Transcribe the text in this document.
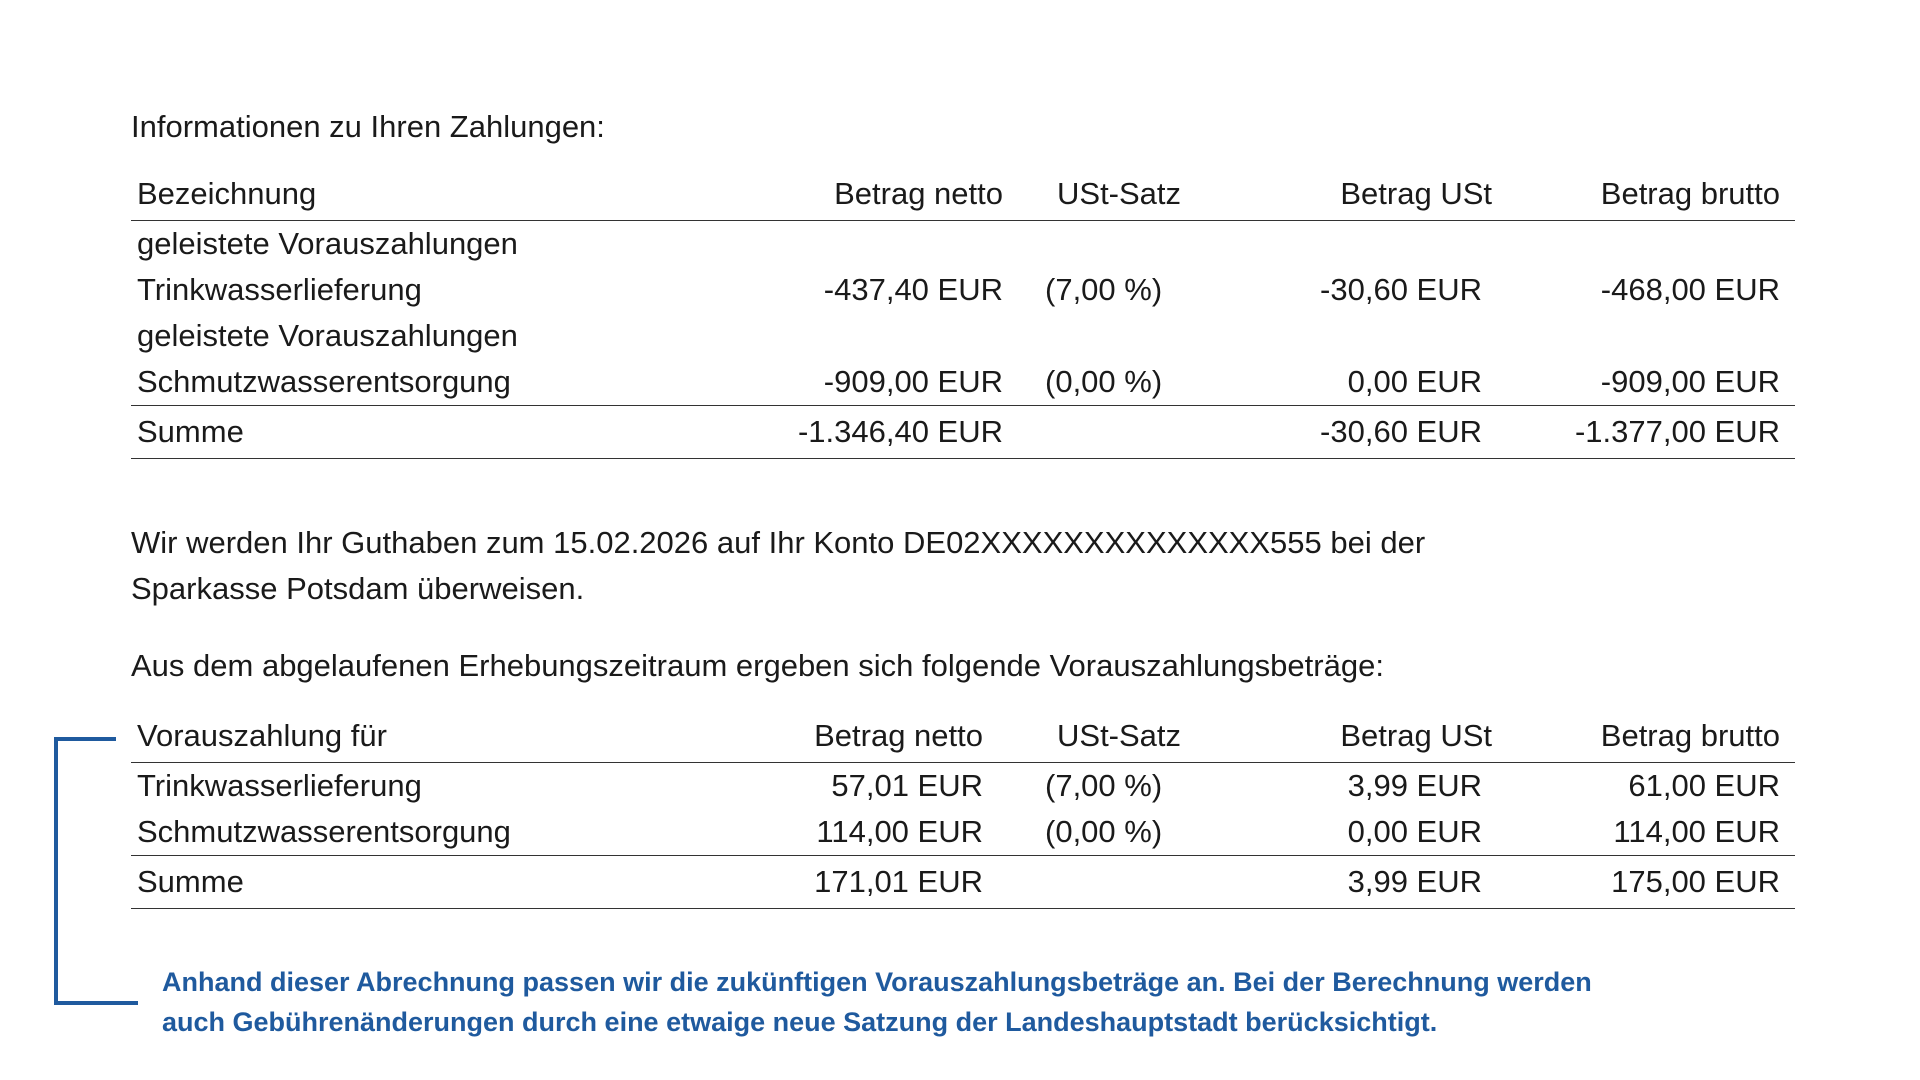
Informationen zu Ihren Zahlungen:
Bezeichnung	Betrag netto USt-Satz	Betrag USt	Betrag brutto
geleistete Vorauszahlungen
Trinkwasserlieferung	-437,40 EUR (7,00 %)	-30,60 EUR	-468,00 EUR
geleistete Vorauszahlungen
Schmutzwasserentsorgung	-909,00 EUR (0,00 %)	0,00 EUR	-909,00 EUR
Summe	-1.346,40 EUR	-30,60 EUR	-1.377,00 EUR
Wir werden Ihr Guthaben zum 15.02.2026 auf Ihr Konto DE02XXXXXXXXXXXXXX555 bei der
Sparkasse Potsdam überweisen.
Aus dem abgelaufenen Erhebungszeitraum ergeben sich folgende Vorauszahlungsbeträge:
Vorauszahlung für	Betrag netto USt-Satz	Betrag USt	Betrag brutto
Trinkwasserlieferung	57,01 EUR (7,00 %)	3,99 EUR	61,00 EUR
Schmutzwasserentsorgung	114,00 EUR (0,00 %)	0,00 EUR	114,00 EUR
Summe	171,01 EUR	3,99 EUR	175,00 EUR
Anhand dieser Abrechnung passen wir die zukünftigen Vorauszahlungsbeträge an. Bei der Berechnung werden
auch Gebührenänderungen durch eine etwaige neue Satzung der Landeshauptstadt berücksichtigt.
